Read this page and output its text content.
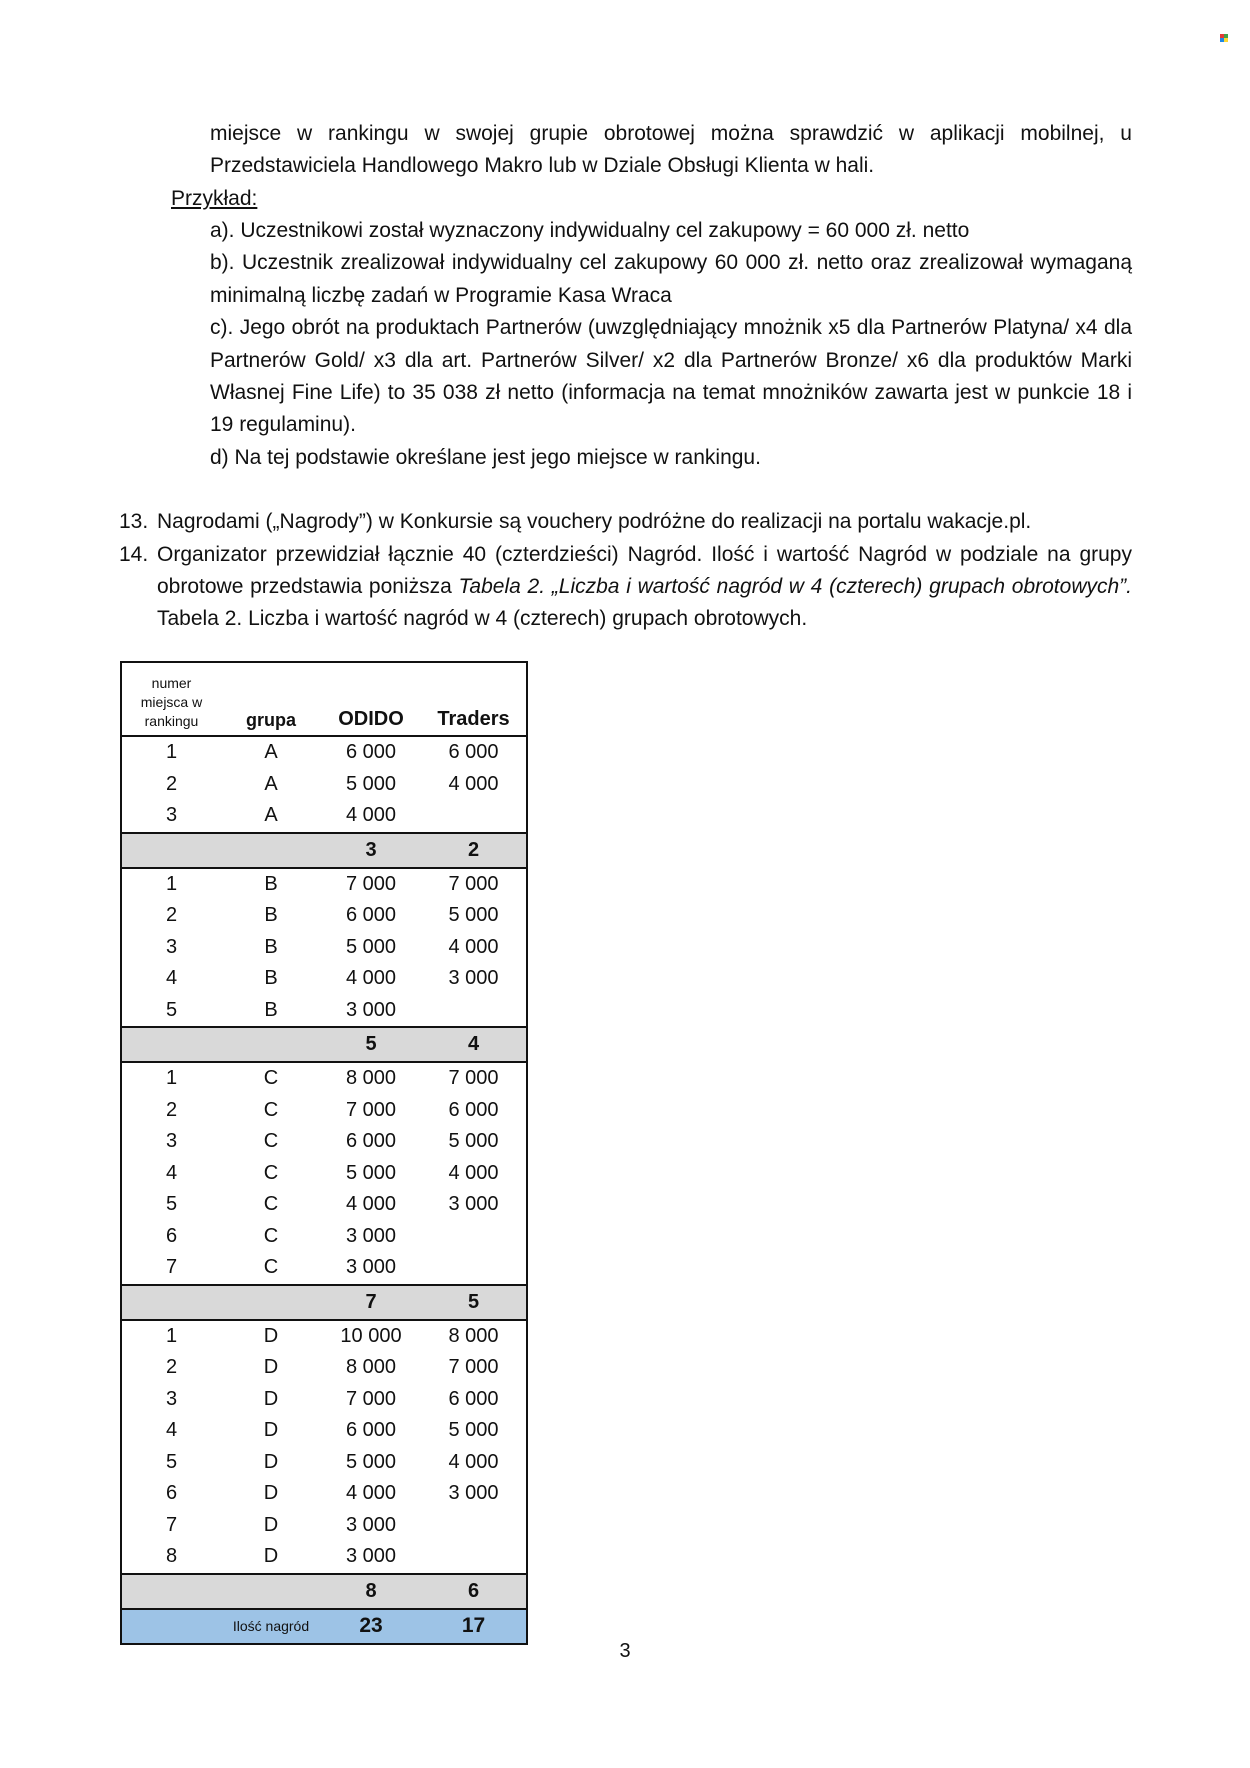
miejsce w rankingu w swojej grupie obrotowej można sprawdzić w aplikacji mobilnej, u
Przedstawiciela Handlowego Makro lub w Dziale Obsługi Klienta w hali.
Przykład:
a). Uczestnikowi został wyznaczony indywidualny cel zakupowy = 60 000 zł. netto
b). Uczestnik zrealizował indywidualny cel zakupowy 60 000 zł. netto oraz zrealizował wymaganą
minimalną liczbę zadań w Programie Kasa Wraca
c). Jego obrót na produktach Partnerów (uwzględniający mnożnik x5 dla Partnerów Platyna/ x4 dla
Partnerów Gold/ x3 dla art. Partnerów Silver/ x2 dla Partnerów Bronze/ x6 dla produktów Marki
Własnej Fine Life) to 35 038 zł netto (informacja na temat mnożników zawarta jest w punkcie 18 i
19 regulaminu).
d) Na tej podstawie określane jest jego miejsce w rankingu.
13. Nagrodami („Nagrody”) w Konkursie są vouchery podróżne do realizacji na portalu wakacje.pl.
14. Organizator przewidział łącznie 40 (czterdzieści) Nagród. Ilość i wartość Nagród w podziale na grupy
obrotowe przedstawia poniższa Tabela 2. „Liczba i wartość nagród w 4 (czterech) grupach obrotowych”.
Tabela 2. Liczba i wartość nagród w 4 (czterech) grupach obrotowych.
numer
miejsca w
rankingu	grupa	ODIDO	Traders
1	A	6 000	6 000
2	A	5 000	4 000
3	A	4 000	
		3	2
1	B	7 000	7 000
2	B	6 000	5 000
3	B	5 000	4 000
4	B	4 000	3 000
5	B	3 000	
		5	4
1	C	8 000	7 000
2	C	7 000	6 000
3	C	6 000	5 000
4	C	5 000	4 000
5	C	4 000	3 000
6	C	3 000	
7	C	3 000	
		7	5
1	D	10 000	8 000
2	D	8 000	7 000
3	D	7 000	6 000
4	D	6 000	5 000
5	D	5 000	4 000
6	D	4 000	3 000
7	D	3 000	
8	D	3 000	
		8	6
	Ilość nagród	23	17
3
